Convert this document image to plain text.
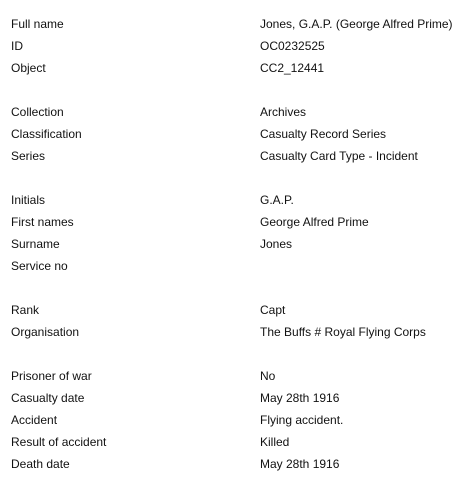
Full name	Jones, G.A.P. (George Alfred Prime)
ID	OC0232525
Object	CC2_12441
Collection	Archives
Classification	Casualty Record Series
Series	Casualty Card Type - Incident
Initials	G.A.P.
First names	George Alfred Prime
Surname	Jones
Service no
Rank	Capt
Organisation	The Buffs # Royal Flying Corps
Prisoner of war	No
Casualty date	May 28th 1916
Accident	Flying accident.
Result of accident	Killed
Death date	May 28th 1916
